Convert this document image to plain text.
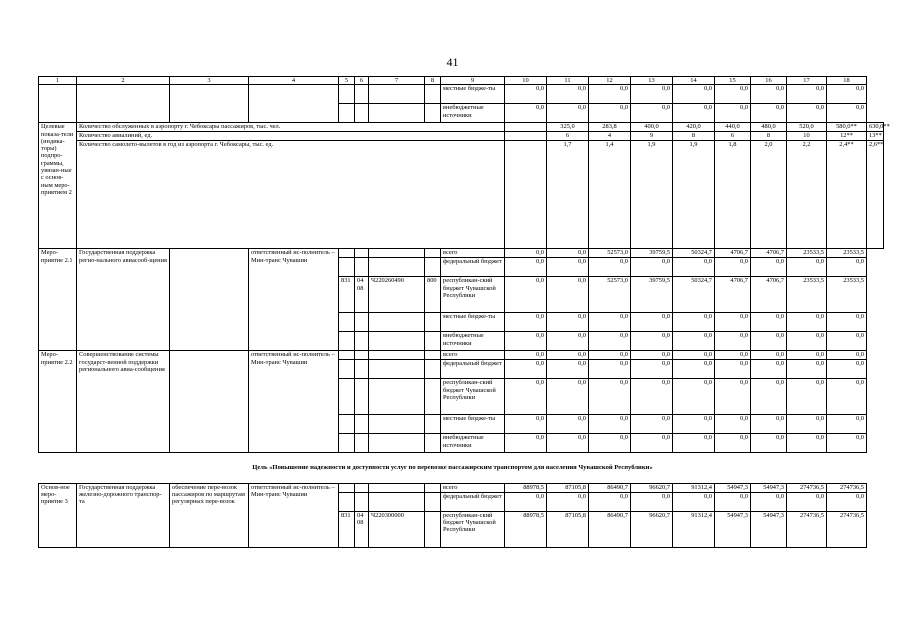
41
1	2	3	4	5	6	7	8	9	10	11	12	13	14	15	16	17	18	
								местные бюдже-ты	0,0	0,0	0,0	0,0	0,0	0,0	0,0	0,0	0,0	
								внебюджетные источники	0,0	0,0	0,0	0,0	0,0	0,0	0,0	0,0	0,0	
Целевые показа-тели (индика-торы) подпро-граммы, увязан-ные с основ-ным меро-приятием 2	Количество обслуженных в аэропорту г. Чебоксары пассажиров, тыс. чел.									325,0	283,8	400,0	420,0	440,0	480,0	520,0	580,0**	630,0**
	Количество авиалиний, ед.									6	4	9	8	6	8	10	12**	13**
	Количество самолето-вылетов в год из аэропорта г. Чебоксары, тыс. ед.									1,7	1,4	1,9	1,9	1,8	2,0	2,2	2,4**	2,6**
Меро-приятие 2.1	Государственная поддержка регио-нального авиасооб-щения		ответственный ис-полнитель – Мин-транс Чувашии					всего	0,0	0,0	52573,0	39759,5	50324,7	4706,7	4706,7	23533,5	23533,5	
								федеральный бюджет	0,0	0,0	0,0	0,0	0,0	0,0	0,0	0,0	0,0	
				831	04 08	Ч220260490	800	республикан-ский бюджет Чувашской Республики	0,0	0,0	52573,0	39759,5	50324,7	4706,7	4706,7	23533,5	23533,5	
								местные бюдже-ты	0,0	0,0	0,0	0,0	0,0	0,0	0,0	0,0	0,0	
								внебюджетные источники	0,0	0,0	0,0	0,0	0,0	0,0	0,0	0,0	0,0	
Меро-приятие 2.2	Совершенствование системы государст-венной поддержки регионального авиа-сообщения		ответственный ис-полнитель – Мин-транс Чувашии					всего	0,0	0,0	0,0	0,0	0,0	0,0	0,0	0,0	0,0	
								федеральный бюджет	0,0	0,0	0,0	0,0	0,0	0,0	0,0	0,0	0,0	
								республикан-ский бюджет Чувашской Республики	0,0	0,0	0,0	0,0	0,0	0,0	0,0	0,0	0,0	
								местные бюдже-ты	0,0	0,0	0,0	0,0	0,0	0,0	0,0	0,0	0,0	
								внебюджетные источники	0,0	0,0	0,0	0,0	0,0	0,0	0,0	0,0	0,0	
Цель «Повышение надежности и доступности услуг по перевозке пассажирским транспортом для населения Чувашской Республики»																		
Основ-ное меро-приятие 3	Государственная поддержка железно-дорожного транспор-та	обеспечение пере-возок пассажиров по маршрутам регулярных пере-возок	ответственный ис-полнитель – Мин-транс Чувашии					всего	88978,5	87105,8	86490,7	96620,7	91312,4	54947,3	54947,3	274736,5	274736,5	
								федеральный бюджет	0,0	0,0	0,0	0,0	0,0	0,0	0,0	0,0	0,0	
				831	04 08	Ч220300000		республикан-ский бюджет Чувашской Республики	88978,5	87105,8	86490,7	96620,7	91312,4	54947,3	54947,3	274736,5	274736,5	
